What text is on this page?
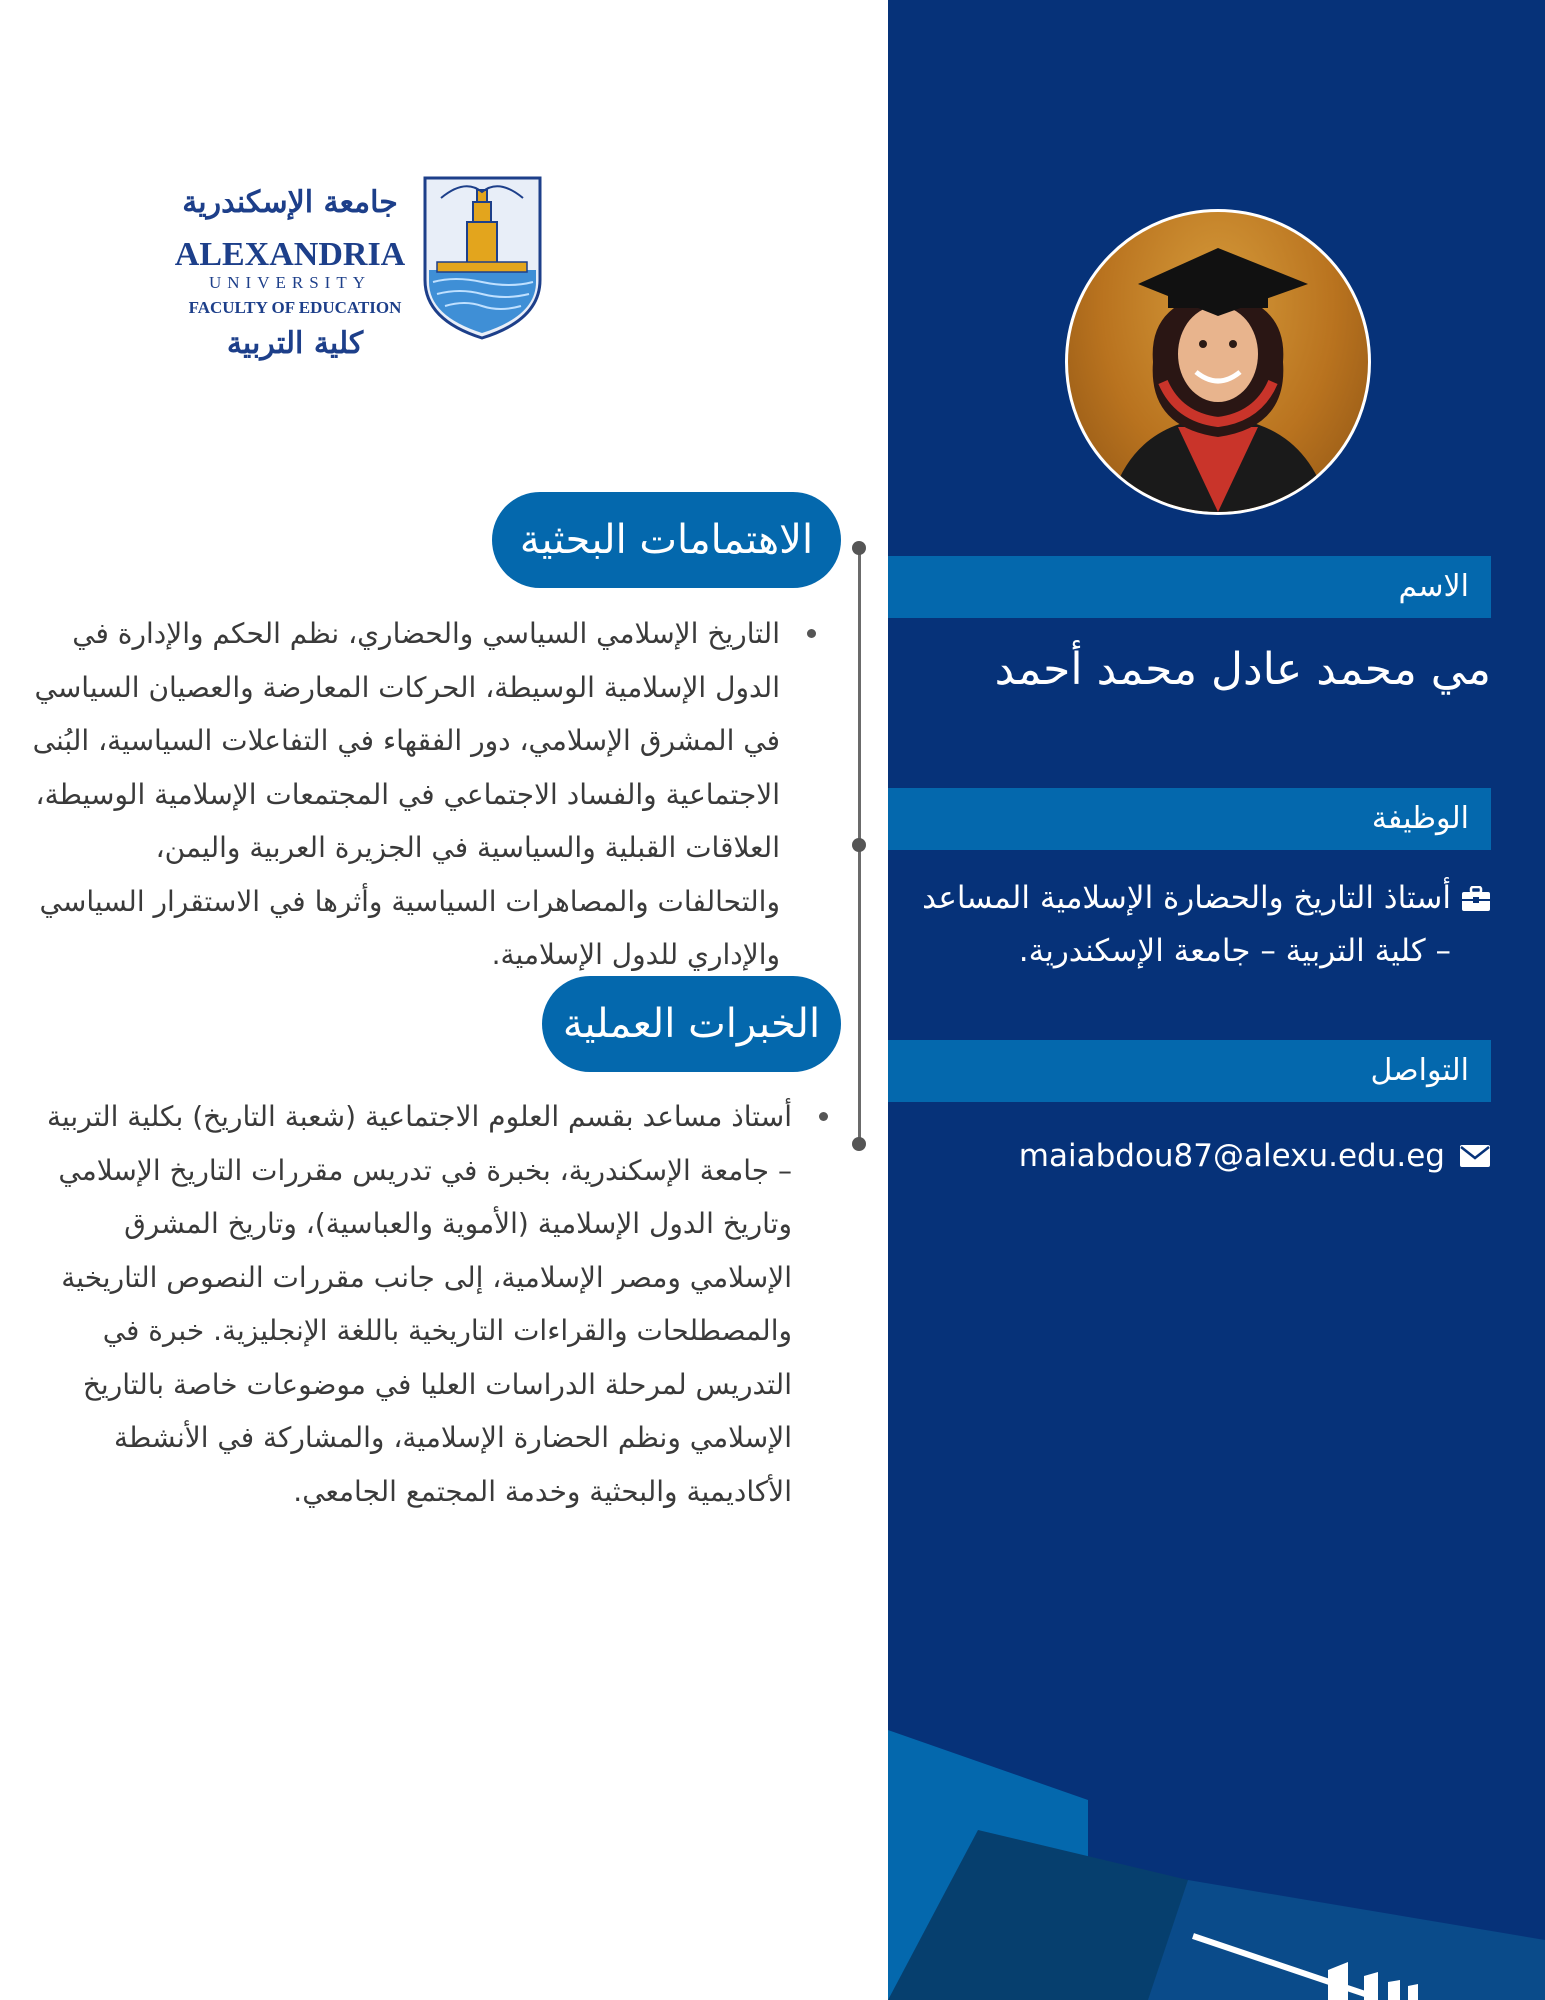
جامعة الإسكندرية
ALEXANDRIA
UNIVERSITY
FACULTY OF EDUCATION
كلية التربية
الاهتمامات البحثية
التاريخ الإسلامي السياسي والحضاري، نظم الحكم والإدارة في الدول الإسلامية الوسيطة، الحركات المعارضة والعصيان السياسي في المشرق الإسلامي، دور الفقهاء في التفاعلات السياسية، البُنى الاجتماعية والفساد الاجتماعي في المجتمعات الإسلامية الوسيطة، العلاقات القبلية والسياسية في الجزيرة العربية واليمن، والتحالفات والمصاهرات السياسية وأثرها في الاستقرار السياسي والإداري للدول الإسلامية.
الخبرات العملية
أستاذ مساعد بقسم العلوم الاجتماعية (شعبة التاريخ) بكلية التربية – جامعة الإسكندرية، بخبرة في تدريس مقررات التاريخ الإسلامي وتاريخ الدول الإسلامية (الأموية والعباسية)، وتاريخ المشرق الإسلامي ومصر الإسلامية، إلى جانب مقررات النصوص التاريخية والمصطلحات والقراءات التاريخية باللغة الإنجليزية. خبرة في التدريس لمرحلة الدراسات العليا في موضوعات خاصة بالتاريخ الإسلامي ونظم الحضارة الإسلامية، والمشاركة في الأنشطة الأكاديمية والبحثية وخدمة المجتمع الجامعي.
الاسم
مي محمد عادل محمد أحمد
الوظيفة
أستاذ التاريخ والحضارة الإسلامية المساعد – كلية التربية – جامعة الإسكندرية.
التواصل
maiabdou87@alexu.edu.eg
